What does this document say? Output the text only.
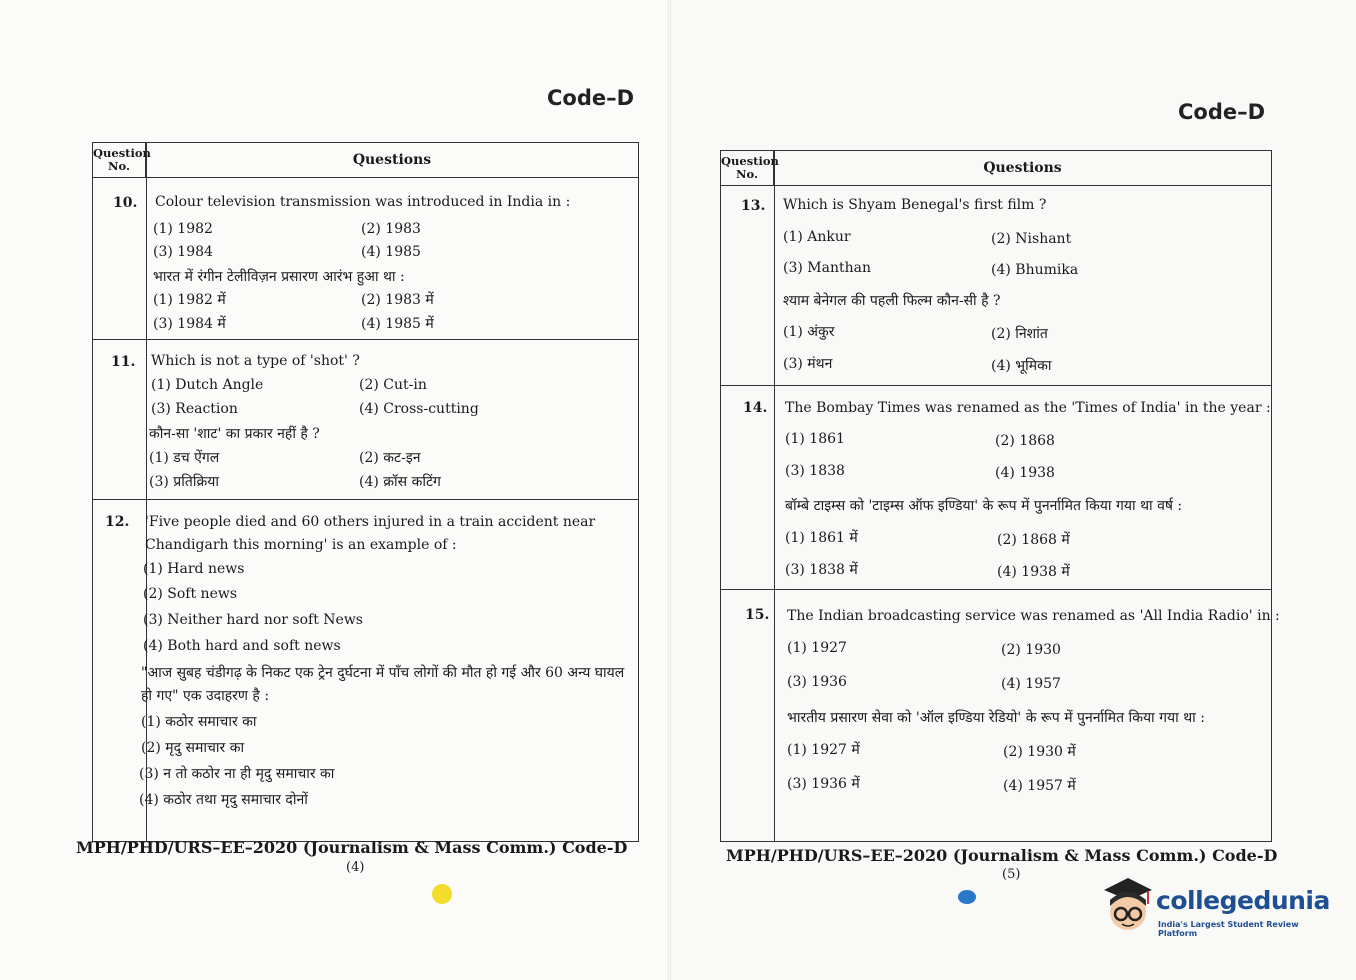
Code–D
Question No.	Questions
10. Colour television transmission was introduced in India in :
(1) 1982	(2) 1983
(3) 1984	(4) 1985
भारत में रंगीन टेलीविज़न प्रसारण आरंभ हुआ था :
(1) 1982 में	(2) 1983 में
(3) 1984 में	(4) 1985 में
11. Which is not a type of 'shot' ?
(1) Dutch Angle	(2) Cut-in
(3) Reaction	(4) Cross-cutting
कौन-सा 'शाट' का प्रकार नहीं है ?
(1) डच ऐंगल	(2) कट-इन
(3) प्रतिक्रिया	(4) क्रॉस कटिंग
12. 'Five people died and 60 others injured in a train accident near Chandigarh this morning' is an example of :
(1) Hard news
(2) Soft news
(3) Neither hard nor soft News
(4) Both hard and soft news
"आज सुबह चंडीगढ़ के निकट एक ट्रेन दुर्घटना में पाँच लोगों की मौत हो गई और 60 अन्य घायल हो गए" एक उदाहरण है :
(1) कठोर समाचार का
(2) मृदु समाचार का
(3) न तो कठोर ना ही मृदु समाचार का
(4) कठोर तथा मृदु समाचार दोनों
MPH/PHD/URS–EE–2020 (Journalism & Mass Comm.) Code-D
(4)
Code–D
Question No.	Questions
13. Which is Shyam Benegal's first film ?
(1) Ankur	(2) Nishant
(3) Manthan	(4) Bhumika
श्याम बेनेगल की पहली फिल्म कौन-सी है ?
(1) अंकुर	(2) निशांत
(3) मंथन	(4) भूमिका
14. The Bombay Times was renamed as the 'Times of India' in the year :
(1) 1861	(2) 1868
(3) 1838	(4) 1938
बॉम्बे टाइम्स को 'टाइम्स ऑफ इण्डिया' के रूप में पुनर्नामित किया गया था वर्ष :
(1) 1861 में	(2) 1868 में
(3) 1838 में	(4) 1938 में
15. The Indian broadcasting service was renamed as 'All India Radio' in :
(1) 1927	(2) 1930
(3) 1936	(4) 1957
भारतीय प्रसारण सेवा को 'ऑल इण्डिया रेडियो' के रूप में पुनर्नामित किया गया था :
(1) 1927 में	(2) 1930 में
(3) 1936 में	(4) 1957 में
MPH/PHD/URS–EE–2020 (Journalism & Mass Comm.) Code-D
(5)
collegedunia
India's Largest Student Review Platform
